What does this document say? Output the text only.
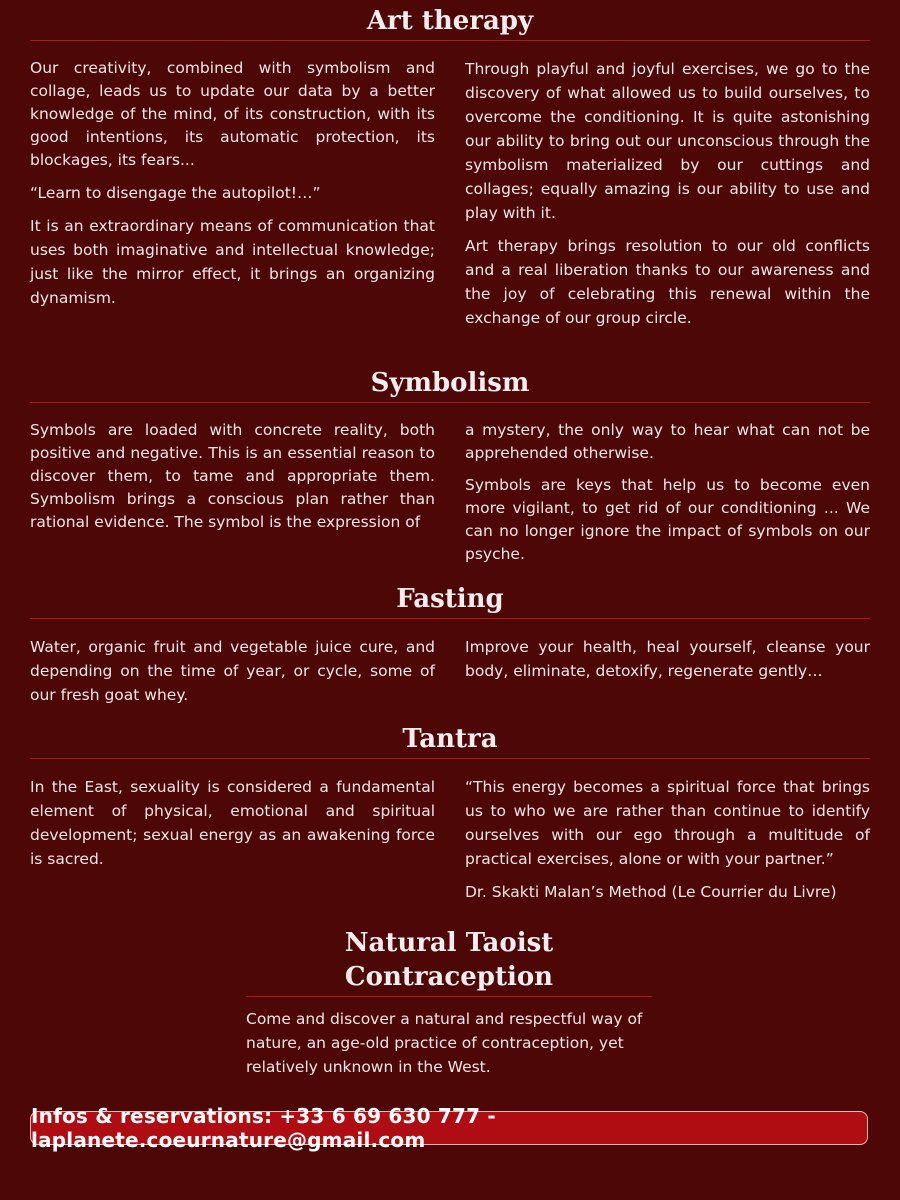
Art therapy

Our creativity, combined with symbolism and collage, leads us to update our data by a better knowledge of the mind, of its construction, with its good intentions, its automatic protection, its blockages, its fears...

“Learn to disengage the autopilot!…”

It is an extraordinary means of communication that uses both imaginative and intellectual knowledge; just like the mirror effect, it brings an organizing dynamism.

Through playful and joyful exercises, we go to the discovery of what allowed us to build ourselves, to overcome the conditioning. It is quite astonishing our ability to bring out our unconscious through the symbolism materialized by our cuttings and collages; equally amazing is our ability to use and play with it.

Art therapy brings resolution to our old conflicts and a real liberation thanks to our awareness and the joy of celebrating this renewal within the exchange of our group circle.

Symbolism

Symbols are loaded with concrete reality, both positive and negative. This is an essential reason to discover them, to tame and appropriate them. Symbolism brings a conscious plan rather than rational evidence. The symbol is the expression of

a mystery, the only way to hear what can not be apprehended otherwise.

Symbols are keys that help us to become even more vigilant, to get rid of our conditioning ... We can no longer ignore the impact of symbols on our psyche.

Fasting

Water, organic fruit and vegetable juice cure, and depending on the time of year, or cycle, some of our fresh goat whey.

Improve your health, heal yourself, cleanse your body, eliminate, detoxify, regenerate gently…

Tantra

In the East, sexuality is considered a fundamental element of physical, emotional and spiritual development; sexual energy as an awakening force is sacred.

“This energy becomes a spiritual force that brings us to who we are rather than continue to identify ourselves with our ego through a multitude of practical exercises, alone or with your partner.”

Dr. Skakti Malan’s Method (Le Courrier du Livre)

Natural Taoist Contraception

Come and discover a natural and respectful way of nature, an age-old practice of contraception, yet relatively unknown in the West.

Infos & reservations: +33 6 69 630 777 - laplanete.coeurnature@gmail.com
